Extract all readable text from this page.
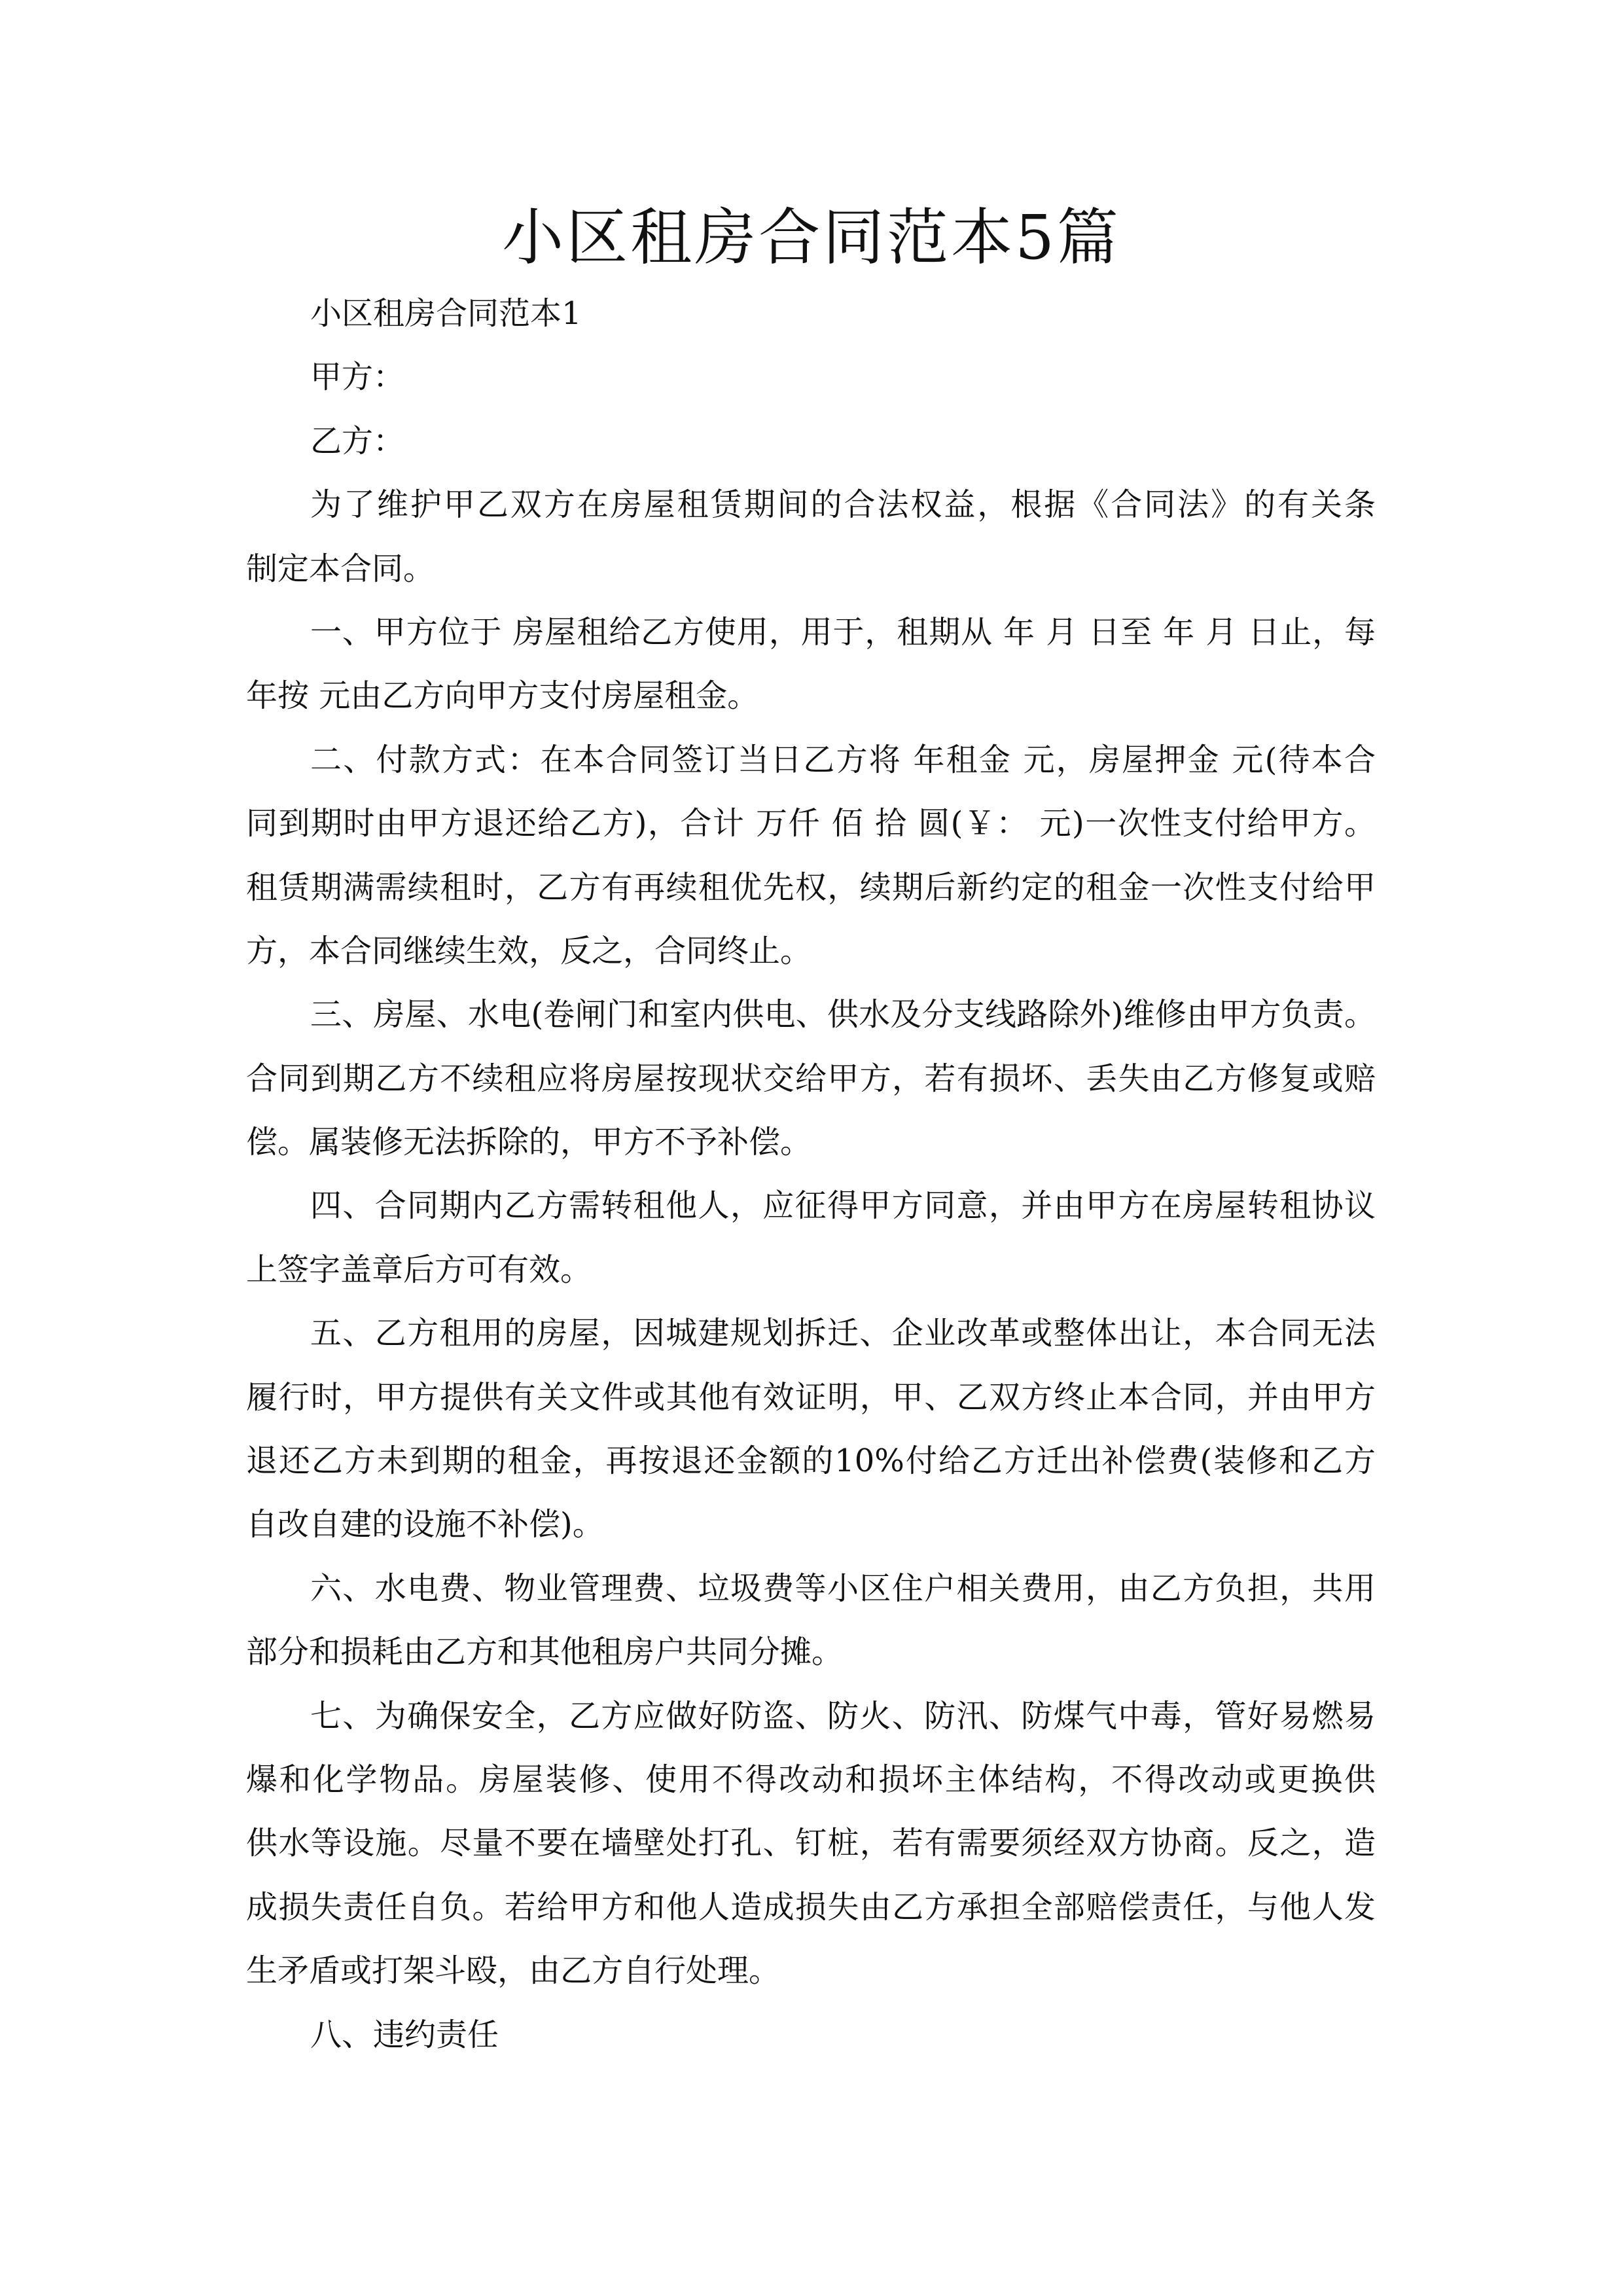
小区租房合同范本5篇
小区租房合同范本1
甲方：
乙方：
为了维护甲乙双方在房屋租赁期间的合法权益，根据《合同法》的有关条
制定本合同。
一、甲方位于 房屋租给乙方使用，用于，租期从 年 月 日至 年 月 日止，每
年按 元由乙方向甲方支付房屋租金。
二、付款方式：在本合同签订当日乙方将 年租金 元，房屋押金 元(待本合
同到期时由甲方退还给乙方)，合计 万仟 佰 拾 圆(￥： 元)一次性支付给甲方。
租赁期满需续租时，乙方有再续租优先权，续期后新约定的租金一次性支付给甲
方，本合同继续生效，反之，合同终止。
三、房屋、水电(卷闸门和室内供电、供水及分支线路除外)维修由甲方负责。
合同到期乙方不续租应将房屋按现状交给甲方，若有损坏、丢失由乙方修复或赔
偿。属装修无法拆除的，甲方不予补偿。
四、合同期内乙方需转租他人，应征得甲方同意，并由甲方在房屋转租协议
上签字盖章后方可有效。
五、乙方租用的房屋，因城建规划拆迁、企业改革或整体出让，本合同无法
履行时，甲方提供有关文件或其他有效证明，甲、乙双方终止本合同，并由甲方
退还乙方未到期的租金，再按退还金额的10%付给乙方迁出补偿费(装修和乙方
自改自建的设施不补偿)。
六、水电费、物业管理费、垃圾费等小区住户相关费用，由乙方负担，共用
部分和损耗由乙方和其他租房户共同分摊。
七、为确保安全，乙方应做好防盗、防火、防汛、防煤气中毒，管好易燃易
爆和化学物品。房屋装修、使用不得改动和损坏主体结构，不得改动或更换供
供水等设施。尽量不要在墙壁处打孔、钉桩，若有需要须经双方协商。反之，造
成损失责任自负。若给甲方和他人造成损失由乙方承担全部赔偿责任，与他人发
生矛盾或打架斗殴，由乙方自行处理。
八、违约责任
